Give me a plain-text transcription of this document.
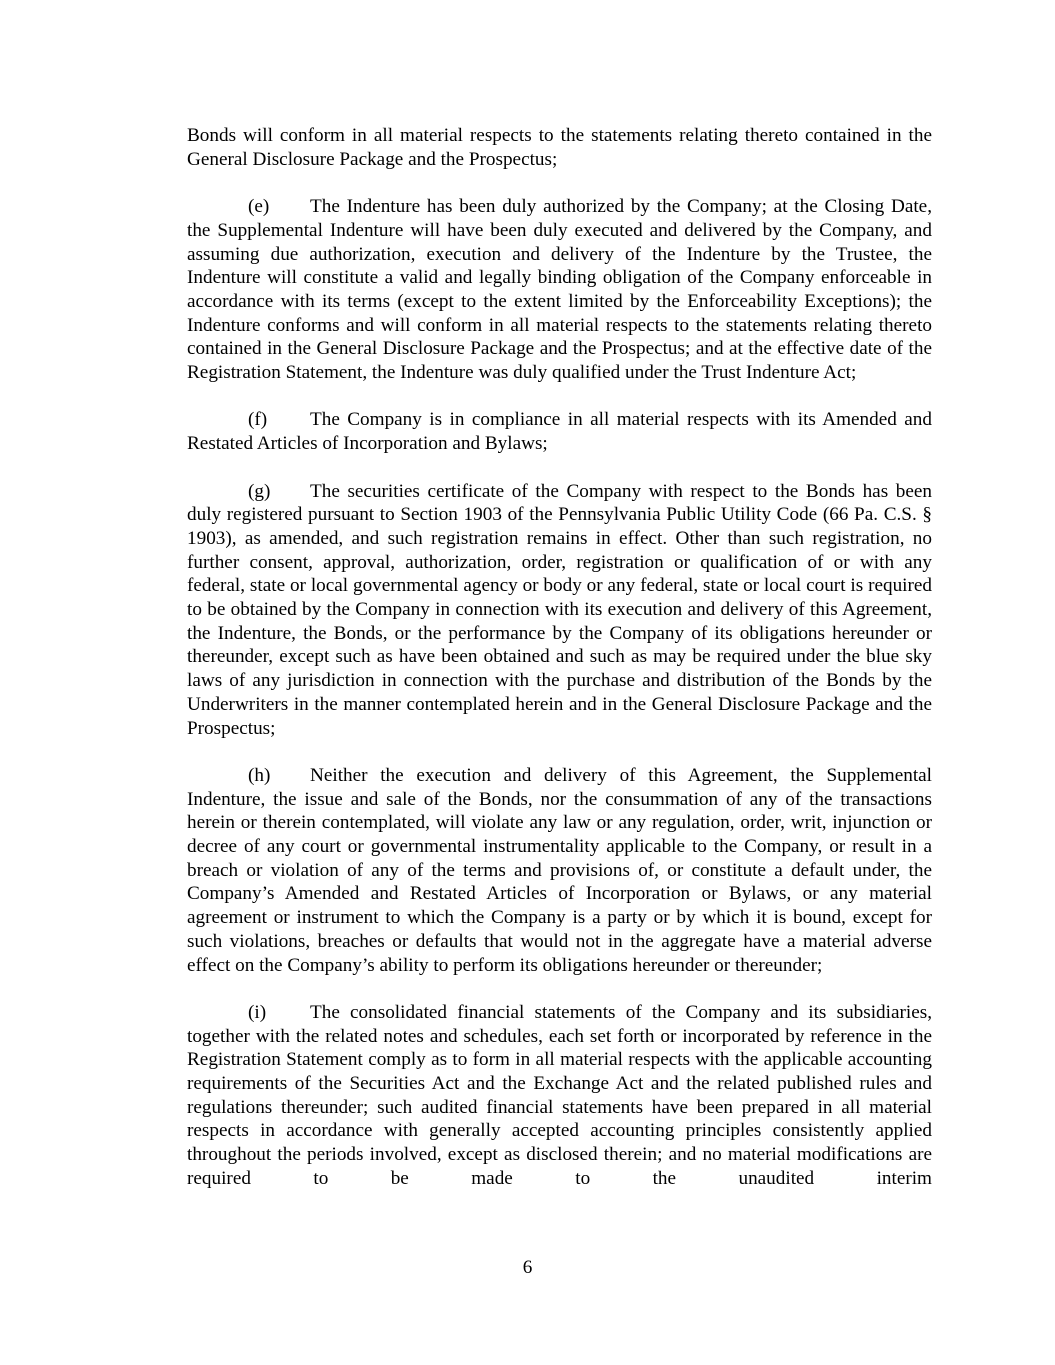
Bonds will conform in all material respects to the statements relating thereto contained in the General Disclosure Package and the Prospectus;

(e) The Indenture has been duly authorized by the Company; at the Closing Date, the Supplemental Indenture will have been duly executed and delivered by the Company, and assuming due authorization, execution and delivery of the Indenture by the Trustee, the Indenture will constitute a valid and legally binding obligation of the Company enforceable in accordance with its terms (except to the extent limited by the Enforceability Exceptions); the Indenture conforms and will conform in all material respects to the statements relating thereto contained in the General Disclosure Package and the Prospectus; and at the effective date of the Registration Statement, the Indenture was duly qualified under the Trust Indenture Act;

(f) The Company is in compliance in all material respects with its Amended and Restated Articles of Incorporation and Bylaws;

(g) The securities certificate of the Company with respect to the Bonds has been duly registered pursuant to Section 1903 of the Pennsylvania Public Utility Code (66 Pa. C.S. § 1903), as amended, and such registration remains in effect. Other than such registration, no further consent, approval, authorization, order, registration or qualification of or with any federal, state or local governmental agency or body or any federal, state or local court is required to be obtained by the Company in connection with its execution and delivery of this Agreement, the Indenture, the Bonds, or the performance by the Company of its obligations hereunder or thereunder, except such as have been obtained and such as may be required under the blue sky laws of any jurisdiction in connection with the purchase and distribution of the Bonds by the Underwriters in the manner contemplated herein and in the General Disclosure Package and the Prospectus;

(h) Neither the execution and delivery of this Agreement, the Supplemental Indenture, the issue and sale of the Bonds, nor the consummation of any of the transactions herein or therein contemplated, will violate any law or any regulation, order, writ, injunction or decree of any court or governmental instrumentality applicable to the Company, or result in a breach or violation of any of the terms and provisions of, or constitute a default under, the Company’s Amended and Restated Articles of Incorporation or Bylaws, or any material agreement or instrument to which the Company is a party or by which it is bound, except for such violations, breaches or defaults that would not in the aggregate have a material adverse effect on the Company’s ability to perform its obligations hereunder or thereunder;

(i) The consolidated financial statements of the Company and its subsidiaries, together with the related notes and schedules, each set forth or incorporated by reference in the Registration Statement comply as to form in all material respects with the applicable accounting requirements of the Securities Act and the Exchange Act and the related published rules and regulations thereunder; such audited financial statements have been prepared in all material respects in accordance with generally accepted accounting principles consistently applied throughout the periods involved, except as disclosed therein; and no material modifications are required to be made to the unaudited interim

6
